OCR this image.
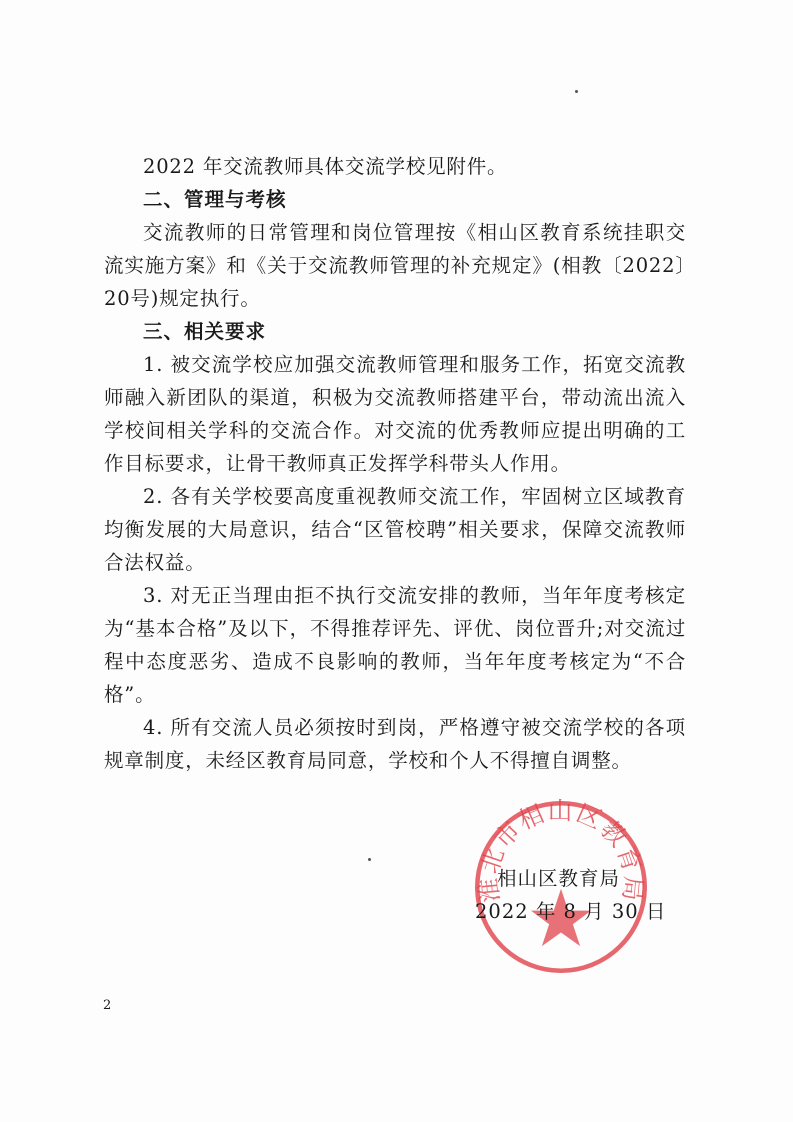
2022 年交流教师具体交流学校见附件。

二、管理与考核

交流教师的日常管理和岗位管理按《相山区教育系统挂职交流实施方案》和《关于交流教师管理的补充规定》(相教〔2022〕20号)规定执行。

三、相关要求

1. 被交流学校应加强交流教师管理和服务工作，拓宽交流教师融入新团队的渠道，积极为交流教师搭建平台，带动流出流入学校间相关学科的交流合作。对交流的优秀教师应提出明确的工作目标要求，让骨干教师真正发挥学科带头人作用。

2. 各有关学校要高度重视教师交流工作，牢固树立区域教育均衡发展的大局意识，结合“区管校聘”相关要求，保障交流教师合法权益。

3. 对无正当理由拒不执行交流安排的教师，当年年度考核定为“基本合格”及以下，不得推荐评先、评优、岗位晋升;对交流过程中态度恶劣、造成不良影响的教师，当年年度考核定为“不合格”。

4. 所有交流人员必须按时到岗，严格遵守被交流学校的各项规章制度，未经区教育局同意，学校和个人不得擅自调整。

淮北市相山区教育局
相山区教育局
2022 年 8 月 30 日
2
